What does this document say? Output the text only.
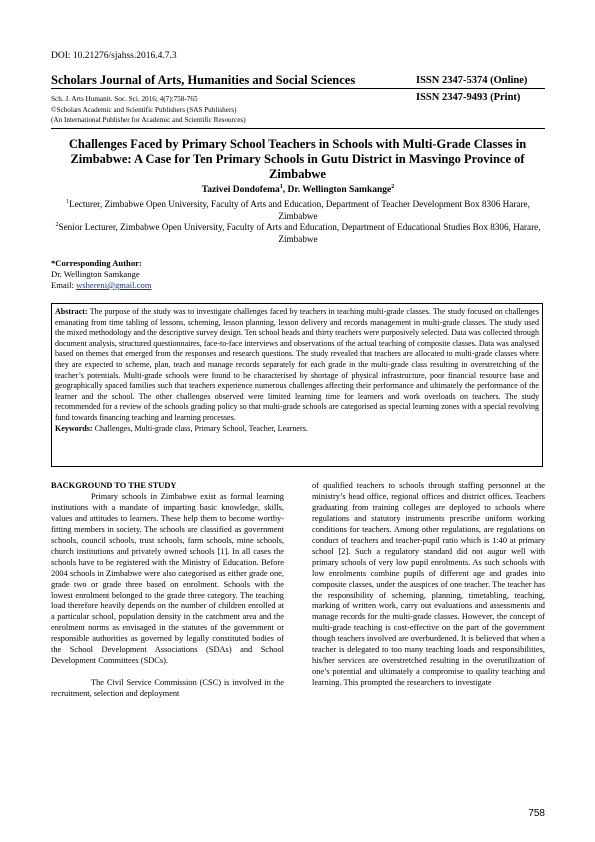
DOI: 10.21276/sjahss.2016.4.7.3
Scholars Journal of Arts, Humanities and Social Sciences	ISSN 2347-5374 (Online)
ISSN 2347-9493 (Print)
Sch. J. Arts Humanit. Soc. Sci. 2016; 4(7):758-765
©Scholars Academic and Scientific Publishers (SAS Publishers)
(An International Publisher for Academic and Scientific Resources)
Challenges Faced by Primary School Teachers in Schools with Multi-Grade Classes in Zimbabwe: A Case for Ten Primary Schools in Gutu District in Masvingo Province of Zimbabwe
Tazivei Dondofema$^1$, Dr. Wellington Samkange$^2$
$^1$Lecturer, Zimbabwe Open University, Faculty of Arts and Education, Department of Teacher Development Box 8306 Harare, Zimbabwe
$^2$Senior Lecturer, Zimbabwe Open University, Faculty of Arts and Education, Department of Educational Studies Box 8306, Harare, Zimbabwe
*Corresponding Author:
Dr. Wellington Samkange
Email: wshereni@gmail.com
Abstract: The purpose of the study was to investigate challenges faced by teachers in teaching multi-grade classes. The study focused on challenges emanating from time tabling of lessons, scheming, lesson planning, lesson delivery and records management in multi-grade classes. The study used the mixed methodology and the descriptive survey design. Ten school heads and thirty teachers were purposively selected. Data was collected through document analysis, structured questionnaires, face-to-face interviews and observations of the actual teaching of composite classes. Data was analysed based on themes that emerged from the responses and research questions. The study revealed that teachers are allocated to multi-grade classes where they are expected to scheme, plan, teach and manage records separately for each grade in the multi-grade class resulting in overstretching of the teacher’s potentials. Multi-grade schools were found to be characterised by shortage of physical infrastructure, poor financial resource base and geographically spaced families such that teachers experience numerous challenges affecting their performance and ultimately the performance of the learner and the school. The other challenges observed were limited learning time for learners and work overloads on teachers. The study recommended for a review of the schools grading policy so that multi-grade schools are categorised as special learning zones with a special revolving fund towards financing teaching and learning processes.
Keywords: Challenges, Multi-grade class, Primary School, Teacher, Learners.

BACKGROUND TO THE STUDY

Primary schools in Zimbabwe exist as formal learning institutions with a mandate of imparting basic knowledge, skills, values and attitudes to learners. These help them to become worthy-fitting members in society. The schools are classified as government schools, council schools, trust schools, farm schools, mine schools, church institutions and privately owned schools [1]. In all cases the schools have to be registered with the Ministry of Education. Before 2004 schools in Zimbabwe were also categorised as either grade one, grade two or grade three based on enrolment. Schools with the lowest enrolment belonged to the grade three category. The teaching load therefore heavily depends on the number of children enrolled at a particular school, population density in the catchment area and the enrolment norms as envisaged in the statutes of the government or responsible authorities as governed by legally constituted bodies of the School Development Associations (SDAs) and School Development Committees (SDCs).

The Civil Service Commission (CSC) is involved in the recruitment, selection and deployment

of qualified teachers to schools through staffing personnel at the ministry’s head office, regional offices and district offices. Teachers graduating from training colleges are deployed to schools where regulations and statutory instruments prescribe uniform working conditions for teachers. Among other regulations, are regulations on conduct of teachers and teacher-pupil ratio which is 1:40 at primary school [2]. Such a regulatory standard did not augur well with primary schools of very low pupil enrolments. As such schools with low enrolments combine pupils of different age and grades into composite classes, under the auspices of one teacher. The teacher has the responsibility of scheming, planning, timetabling, teaching, marking of written work, carry out evaluations and assessments and manage records for the multi-grade classes. However, the concept of multi-grade teaching is cost-effective on the part of the government though teachers involved are overburdened. It is believed that when a teacher is delegated to too many teaching loads and responsibilities, his/her services are overstretched resulting in the overutilization of one’s potential and ultimately a compromise to quality teaching and learning. This prompted the researchers to investigate

758
